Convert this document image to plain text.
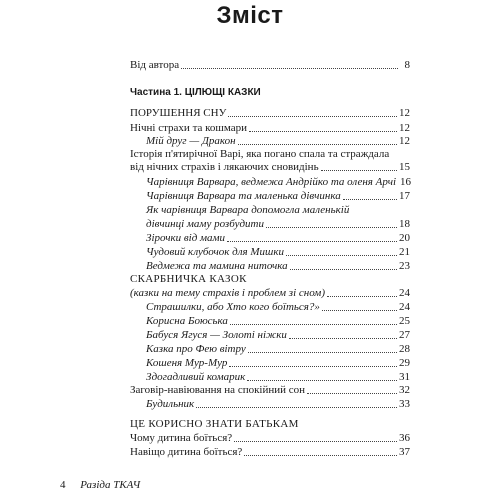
Зміст
Від автора	8
Частина 1. ЦІЛЮЩІ КАЗКИ
ПОРУШЕННЯ СНУ	12
Нічні страхи та кошмари	12
Мій друг — Дракон	12
Історія п'ятирічної Варі, яка погано спала та страждала
від нічних страхів і лякаючих сновидінь	15
Чарівниця Варвара, ведмежа Андрійко та оленя Арчі 16
Чарівниця Варвара та маленька дівчинка	17
Як чарівниця Варвара допомогла маленькій
дівчинці маму розбудити	18
Зірочки від мами	20
Чудовий клубочок для Мишки	21
Ведмежа та мамина ниточка	23
СКАРБНИЧКА КАЗОК
(казки на тему страхів і проблем зі сном)	24
Страшилки, або Хто кого боїться?»	24
Корисна Боюська	25
Бабуся Ягуся — Золоті ніжки	27
Казка про Фею вітру	28
Кошеня Мур-Мур	29
Здогадливий комарик	31
Заговір-навіювання на спокійний сон	32
Будильник	33
ЦЕ КОРИСНО ЗНАТИ БАТЬКАМ
Чому дитина боїться?	36
Навіщо дитина боїться?	37
4 Разіда ТКАЧ
